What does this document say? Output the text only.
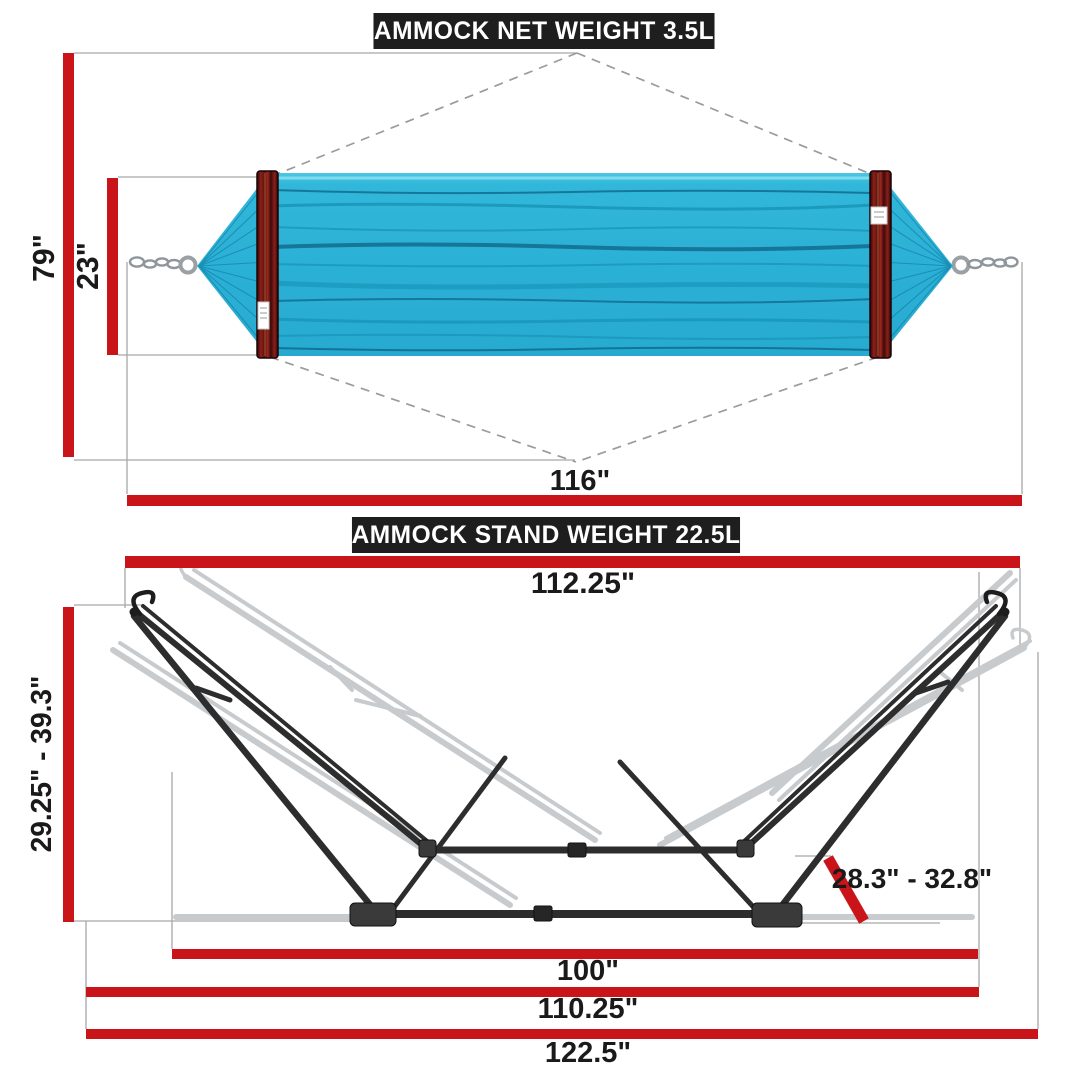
HAMMOCK NET WEIGHT 3.5LB
HAMMOCK STAND WEIGHT 22.5LB
79" 23"
116"
112.25"
29.25" - 39.3"
28.3" - 32.8"
100"
110.25"
122.5"
